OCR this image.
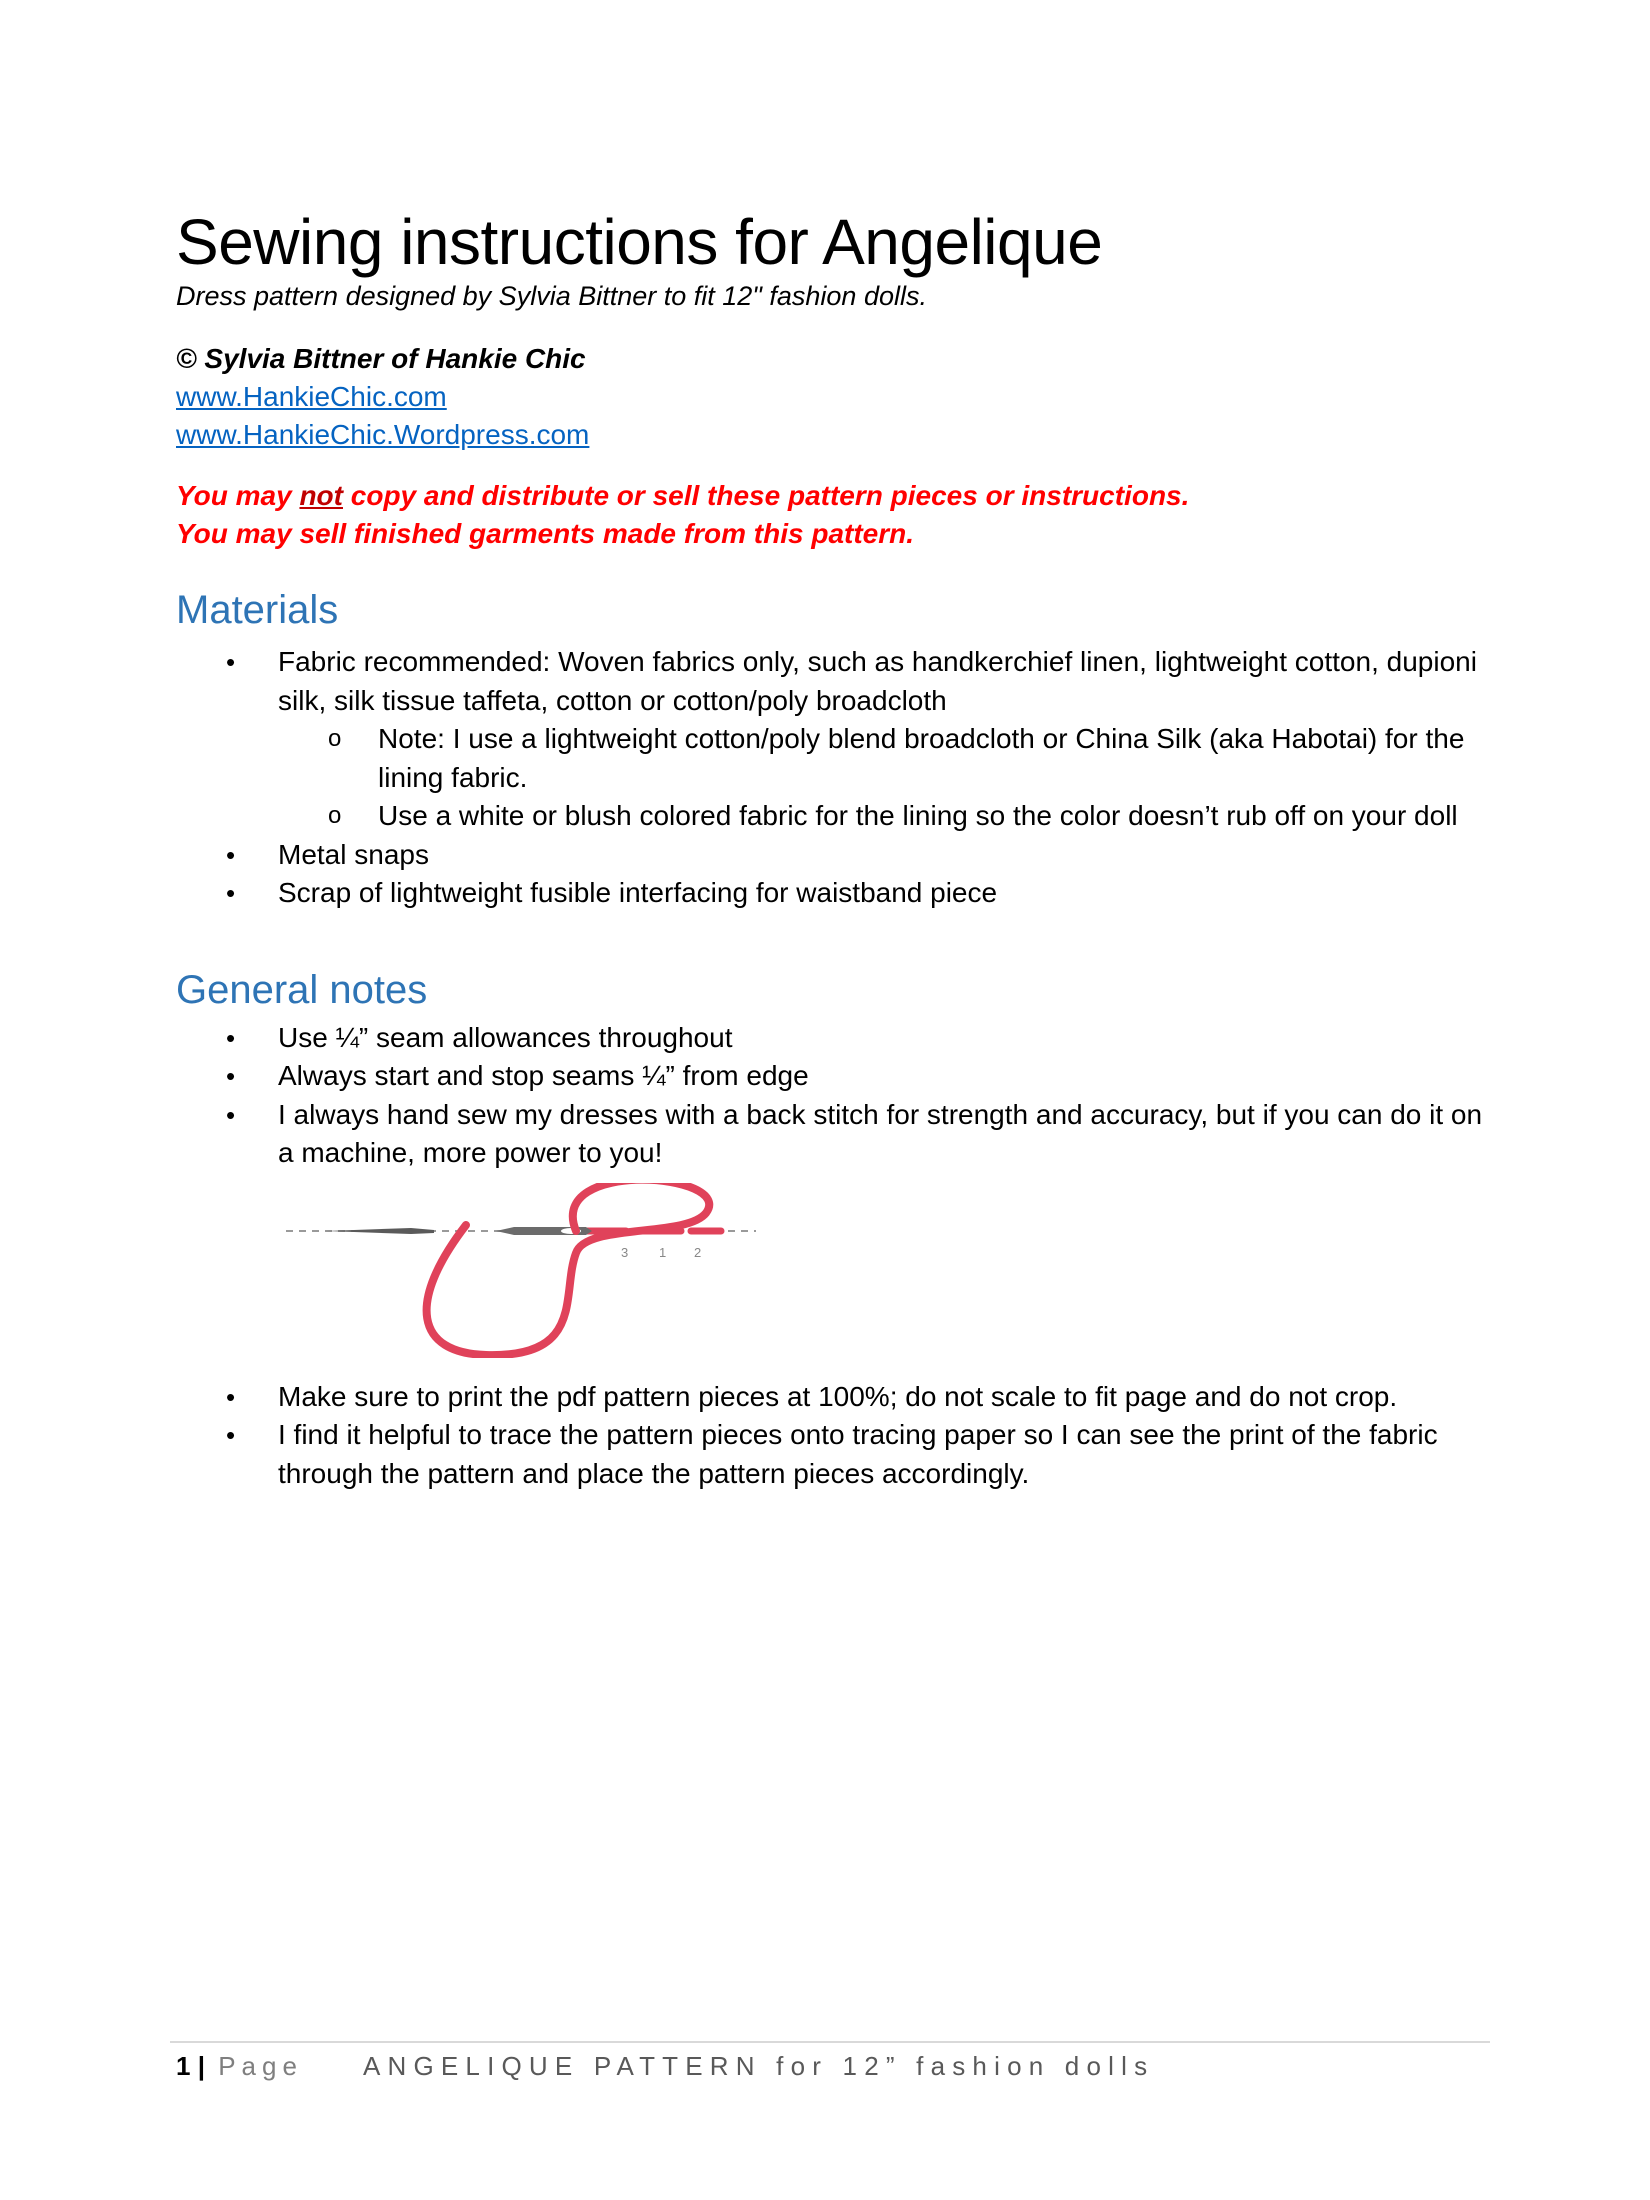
Sewing instructions for Angelique

Dress pattern designed by Sylvia Bittner to fit 12" fashion dolls.

© Sylvia Bittner of Hankie Chic

www.HankieChic.com
www.HankieChic.Wordpress.com
You may not copy and distribute or sell these pattern pieces or instructions.
You may sell finished garments made from this pattern.
Materials
• Fabric recommended: Woven fabrics only, such as handkerchief linen, lightweight cotton, dupioni silk, silk tissue taffeta, cotton or cotton/poly broadcloth
o Note: I use a lightweight cotton/poly blend broadcloth or China Silk (aka Habotai) for the lining fabric.
o Use a white or blush colored fabric for the lining so the color doesn’t rub off on your doll
• Metal snaps
• Scrap of lightweight fusible interfacing for waistband piece
General notes
• Use ¼” seam allowances throughout
• Always start and stop seams ¼” from edge
• I always hand sew my dresses with a back stitch for strength and accuracy, but if you can do it on a machine, more power to you!
3 1 2
• Make sure to print the pdf pattern pieces at 100%; do not scale to fit page and do not crop.
• I find it helpful to trace the pattern pieces onto tracing paper so I can see the print of the fabric through the pattern and place the pattern pieces accordingly.
1 | Page ANGELIQUE PATTERN for 12” fashion dolls
